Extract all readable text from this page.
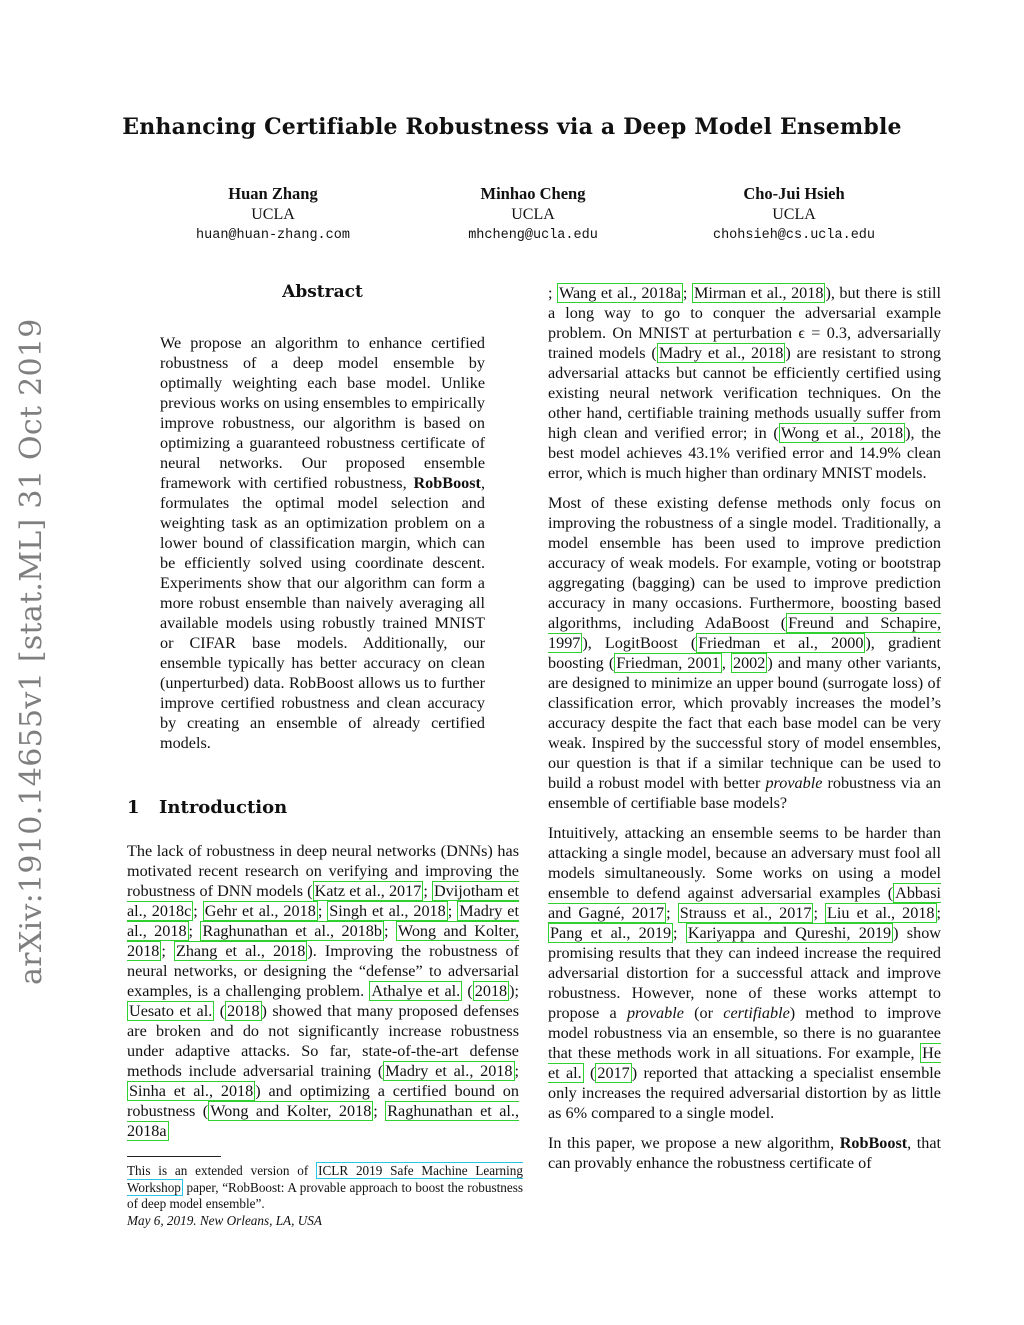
arXiv:1910.14655v1 [stat.ML] 31 Oct 2019
Enhancing Certifiable Robustness via a Deep Model Ensemble
Huan Zhang
UCLA
huan@huan-zhang.com
Minhao Cheng
UCLA
mhcheng@ucla.edu
Cho-Jui Hsieh
UCLA
chohsieh@cs.ucla.edu
Abstract

We propose an algorithm to enhance certified robustness of a deep model ensemble by optimally weighting each base model. Unlike previous works on using ensembles to empirically improve robustness, our algorithm is based on optimizing a guaranteed robustness certificate of neural networks. Our proposed ensemble framework with certified robustness, RobBoost, formulates the optimal model selection and weighting task as an optimization problem on a lower bound of classification margin, which can be efficiently solved using coordinate descent. Experiments show that our algorithm can form a more robust ensemble than naively averaging all available models using robustly trained MNIST or CIFAR base models. Additionally, our ensemble typically has better accuracy on clean (unperturbed) data. RobBoost allows us to further improve certified robustness and clean accuracy by creating an ensemble of already certified models.

1 Introduction

The lack of robustness in deep neural networks (DNNs) has motivated recent research on verifying and improving the robustness of DNN models ( Katz et al., 2017 ; Dvijotham et al., 2018c ; Gehr et al., 2018 ; Singh et al., 2018 ; Madry et al., 2018 ; Raghunathan et al., 2018b ; Wong and Kolter, 2018 ; Zhang et al., 2018 ). Improving the robustness of neural networks, or designing the “defense” to adversarial examples, is a challenging problem. Athalye et al. ( 2018 ); Uesato et al. ( 2018 ) showed that many proposed defenses are broken and do not significantly increase robustness under adaptive attacks. So far, state-of-the-art defense methods include adversarial training ( Madry et al., 2018 ; Sinha et al., 2018 ) and optimizing a certified bound on robustness ( Wong and Kolter, 2018 ; Raghunathan et al., 2018a

; Wang et al., 2018a ; Mirman et al., 2018 ), but there is still a long way to go to conquer the adversarial example problem. On MNIST at perturbation ϵ = 0.3, adversarially trained models ( Madry et al., 2018 ) are resistant to strong adversarial attacks but cannot be efficiently certified using existing neural network verification techniques. On the other hand, certifiable training methods usually suffer from high clean and verified error; in ( Wong et al., 2018 ), the best model achieves 43.1% verified error and 14.9% clean error, which is much higher than ordinary MNIST models.

Most of these existing defense methods only focus on improving the robustness of a single model. Traditionally, a model ensemble has been used to improve prediction accuracy of weak models. For example, voting or bootstrap aggregating (bagging) can be used to improve prediction accuracy in many occasions. Furthermore, boosting based algorithms, including AdaBoost ( Freund and Schapire, 1997 ), LogitBoost ( Friedman et al., 2000 ), gradient boosting ( Friedman, 2001 , 2002 ) and many other variants, are designed to minimize an upper bound (surrogate loss) of classification error, which provably increases the model’s accuracy despite the fact that each base model can be very weak. Inspired by the successful story of model ensembles, our question is that if a similar technique can be used to build a robust model with better provable robustness via an ensemble of certifiable base models?

Intuitively, attacking an ensemble seems to be harder than attacking a single model, because an adversary must fool all models simultaneously. Some works on using a model ensemble to defend against adversarial examples ( Abbasi and Gagné, 2017 ; Strauss et al., 2017 ; Liu et al., 2018 ; Pang et al., 2019 ; Kariyappa and Qureshi, 2019 ) show promising results that they can indeed increase the required adversarial distortion for a successful attack and improve robustness. However, none of these works attempt to propose a provable (or certifiable) method to improve model robustness via an ensemble, so there is no guarantee that these methods work in all situations. For example, He et al. ( 2017 ) reported that attacking a specialist ensemble only increases the required adversarial distortion by as little as 6% compared to a single model.

In this paper, we propose a new algorithm, RobBoost, that can provably enhance the robustness certificate of

This is an extended version of ICLR 2019 Safe Machine Learning Workshop paper, “RobBoost: A provable approach to boost the robustness of deep model ensemble”.

May 6, 2019. New Orleans, LA, USA
